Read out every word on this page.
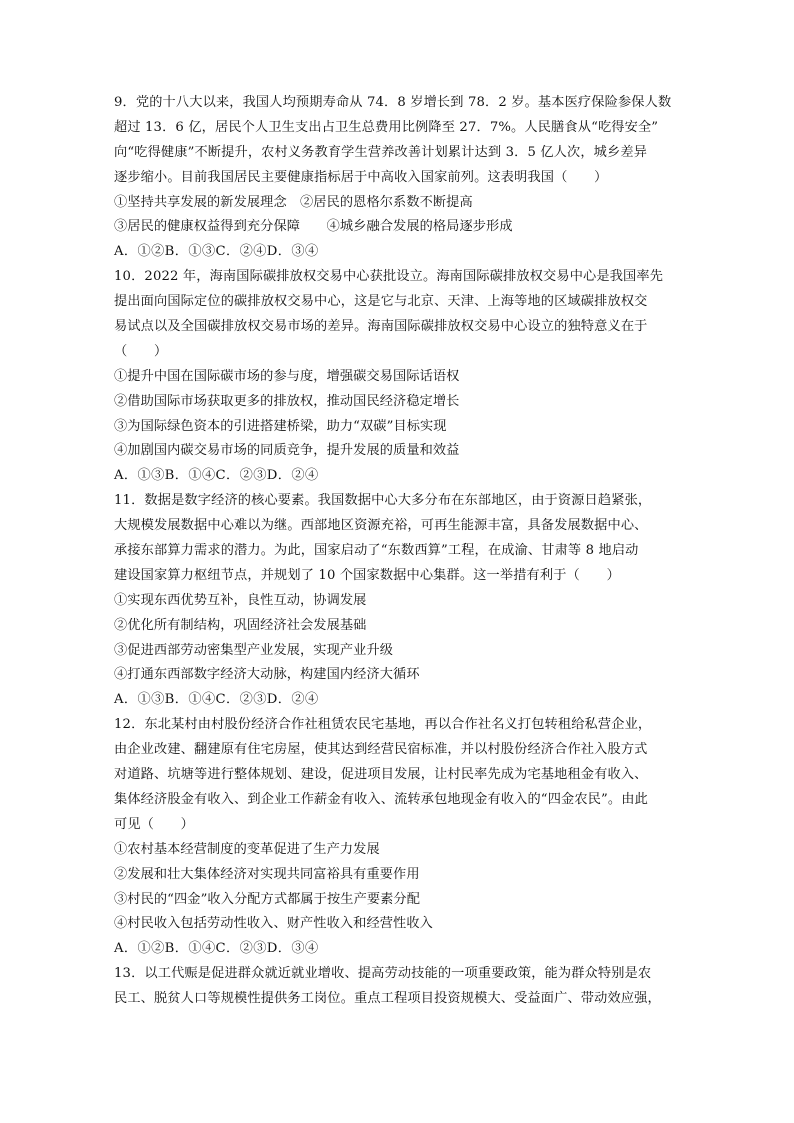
9．党的十八大以来，我国人均预期寿命从 74．8 岁增长到 78．2 岁。基本医疗保险参保人数
超过 13．6 亿，居民个人卫生支出占卫生总费用比例降至 27．7%。人民膳食从“吃得安全”
向“吃得健康”不断提升，农村义务教育学生营养改善计划累计达到 3．5 亿人次，城乡差异
逐步缩小。目前我国居民主要健康指标居于中高收入国家前列。这表明我国（　　）
①坚持共享发展的新发展理念　②居民的恩格尔系数不断提高
③居民的健康权益得到充分保障　　④城乡融合发展的格局逐步形成
A．①②B．①③C．②④D．③④
10．2022 年，海南国际碳排放权交易中心获批设立。海南国际碳排放权交易中心是我国率先
提出面向国际定位的碳排放权交易中心，这是它与北京、天津、上海等地的区域碳排放权交
易试点以及全国碳排放权交易市场的差异。海南国际碳排放权交易中心设立的独特意义在于
（　　）
①提升中国在国际碳市场的参与度，增强碳交易国际话语权
②借助国际市场获取更多的排放权，推动国民经济稳定增长
③为国际绿色资本的引进搭建桥梁，助力“双碳”目标实现
④加剧国内碳交易市场的同质竞争，提升发展的质量和效益
A．①③B．①④C．②③D．②④
11．数据是数字经济的核心要素。我国数据中心大多分布在东部地区，由于资源日趋紧张，
大规模发展数据中心难以为继。西部地区资源充裕，可再生能源丰富，具备发展数据中心、
承接东部算力需求的潜力。为此，国家启动了“东数西算”工程，在成渝、甘肃等 8 地启动
建设国家算力枢纽节点，并规划了 10 个国家数据中心集群。这一举措有利于（　　）
①实现东西优势互补，良性互动，协调发展
②优化所有制结构，巩固经济社会发展基础
③促进西部劳动密集型产业发展，实现产业升级
④打通东西部数字经济大动脉，构建国内经济大循环
A．①③B．①④C．②③D．②④
12．东北某村由村股份经济合作社租赁农民宅基地，再以合作社名义打包转租给私营企业，
由企业改建、翻建原有住宅房屋，使其达到经营民宿标准，并以村股份经济合作社入股方式
对道路、坑塘等进行整体规划、建设，促进项目发展，让村民率先成为宅基地租金有收入、
集体经济股金有收入、到企业工作薪金有收入、流转承包地现金有收入的“四金农民”。由此
可见（　　）
①农村基本经营制度的变革促进了生产力发展
②发展和壮大集体经济对实现共同富裕具有重要作用
③村民的“四金”收入分配方式都属于按生产要素分配
④村民收入包括劳动性收入、财产性收入和经营性收入
A．①②B．①④C．②③D．③④
13．以工代赈是促进群众就近就业增收、提高劳动技能的一项重要政策，能为群众特别是农
民工、脱贫人口等规模性提供务工岗位。重点工程项目投资规模大、受益面广、带动效应强，
